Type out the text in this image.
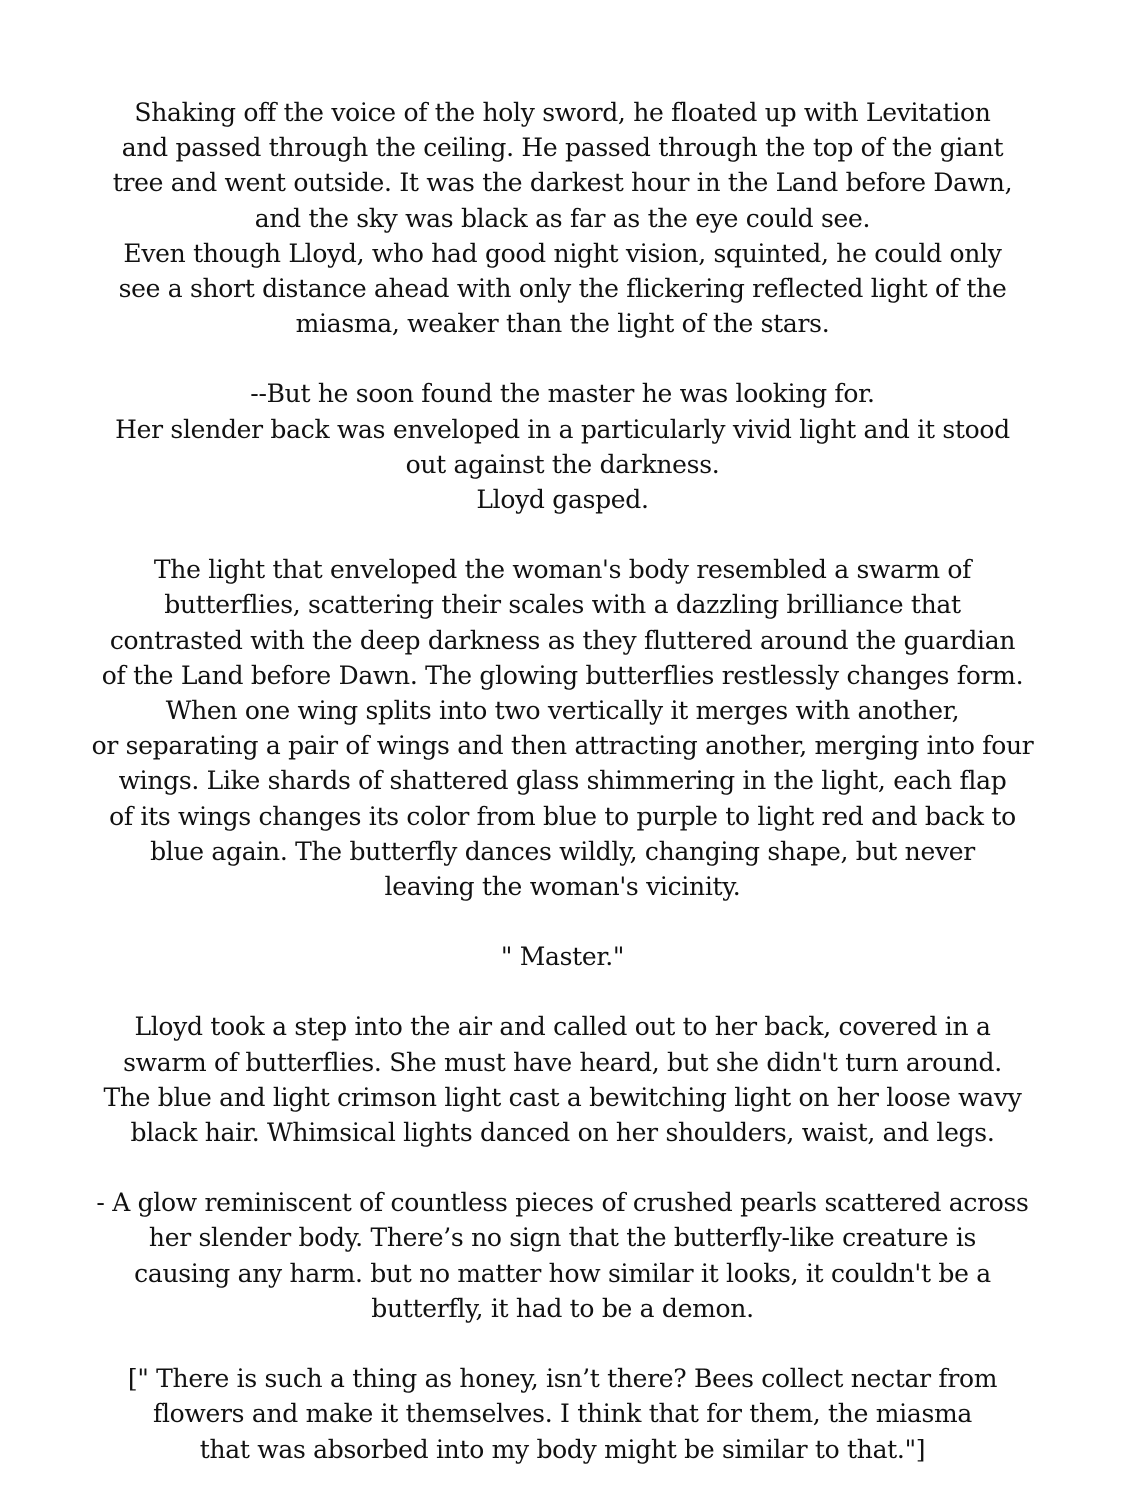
Shaking off the voice of the holy sword, he floated up with Levitation
and passed through the ceiling. He passed through the top of the giant
tree and went outside. It was the darkest hour in the Land before Dawn,
and the sky was black as far as the eye could see.
Even though Lloyd, who had good night vision, squinted, he could only
see a short distance ahead with only the flickering reflected light of the
miasma, weaker than the light of the stars.
--But he soon found the master he was looking for.
Her slender back was enveloped in a particularly vivid light and it stood
out against the darkness.
Lloyd gasped.
The light that enveloped the woman's body resembled a swarm of
butterflies, scattering their scales with a dazzling brilliance that
contrasted with the deep darkness as they fluttered around the guardian
of the Land before Dawn. The glowing butterflies restlessly changes form.
When one wing splits into two vertically it merges with another,
or separating a pair of wings and then attracting another, merging into four
wings. Like shards of shattered glass shimmering in the light, each flap
of its wings changes its color from blue to purple to light red and back to
blue again. The butterfly dances wildly, changing shape, but never
leaving the woman's vicinity.
" Master."
Lloyd took a step into the air and called out to her back, covered in a
swarm of butterflies. She must have heard, but she didn't turn around.
The blue and light crimson light cast a bewitching light on her loose wavy
black hair. Whimsical lights danced on her shoulders, waist, and legs.
- A glow reminiscent of countless pieces of crushed pearls scattered across
her slender body. There’s no sign that the butterfly-like creature is
causing any harm. but no matter how similar it looks, it couldn't be a
butterfly, it had to be a demon.
[" There is such a thing as honey, isn’t there? Bees collect nectar from
flowers and make it themselves. I think that for them, the miasma
that was absorbed into my body might be similar to that."]
